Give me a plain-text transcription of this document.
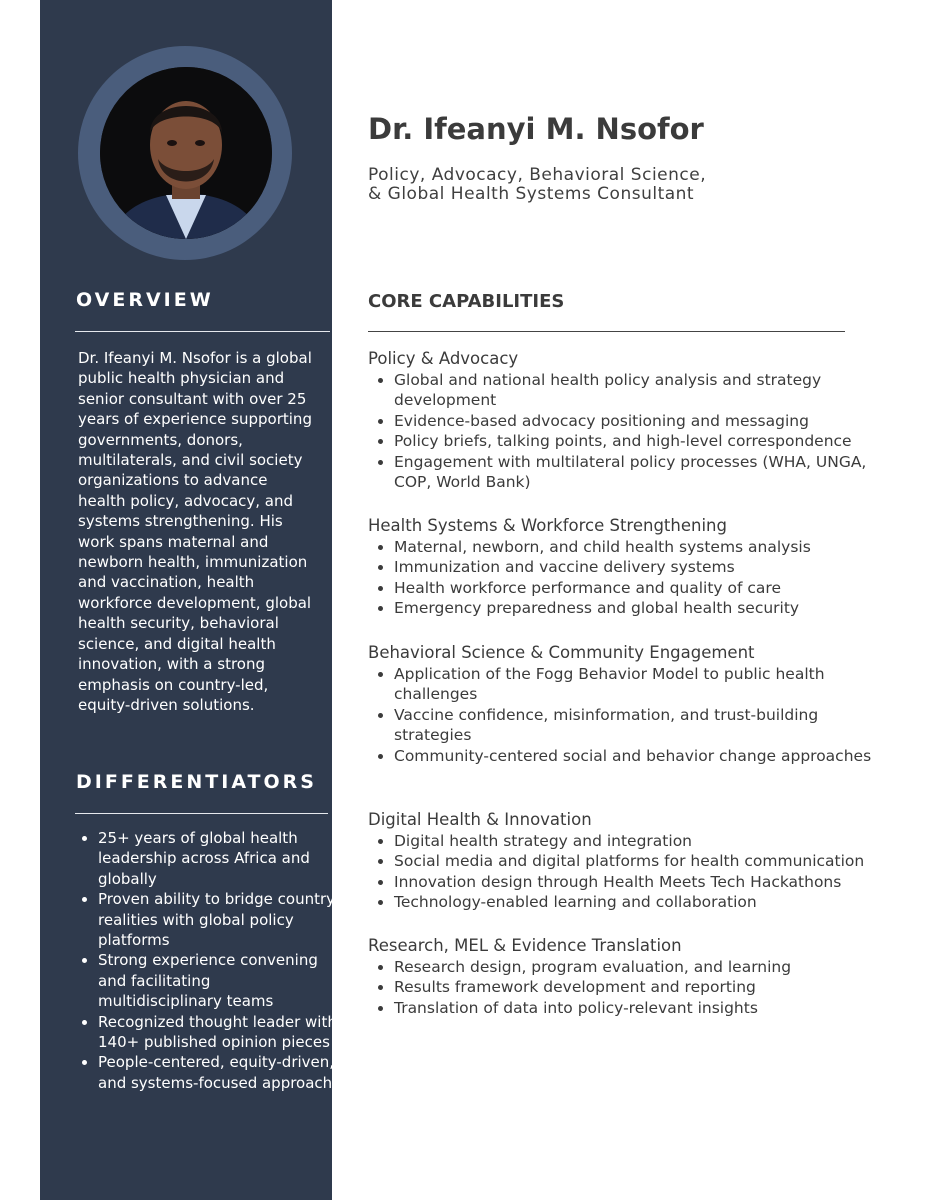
OVERVIEW

Dr. Ifeanyi M. Nsofor is a global public health physician and senior consultant with over 25 years of experience supporting governments, donors, multilaterals, and civil society organizations to advance health policy, advocacy, and systems strengthening. His work spans maternal and newborn health, immunization and vaccination, health workforce development, global health security, behavioral science, and digital health innovation, with a strong emphasis on country-led, equity-driven solutions.

DIFFERENTIATORS
• 25+ years of global health leadership across Africa and globally
• Proven ability to bridge country realities with global policy platforms
• Strong experience convening and facilitating multidisciplinary teams
• Recognized thought leader with 140+ published opinion pieces
• People-centered, equity-driven, and systems-focused approach
Dr. Ifeanyi M. Nsofor

Policy, Advocacy, Behavioral Science,
& Global Health Systems Consultant

CORE CAPABILITIES
Policy & Advocacy
• Global and national health policy analysis and strategy development
• Evidence-based advocacy positioning and messaging
• Policy briefs, talking points, and high-level correspondence
• Engagement with multilateral policy processes (WHA, UNGA, COP, World Bank)
Health Systems & Workforce Strengthening
• Maternal, newborn, and child health systems analysis
• Immunization and vaccine delivery systems
• Health workforce performance and quality of care
• Emergency preparedness and global health security
Behavioral Science & Community Engagement
• Application of the Fogg Behavior Model to public health challenges
• Vaccine confidence, misinformation, and trust-building strategies
• Community-centered social and behavior change approaches
Digital Health & Innovation
• Digital health strategy and integration
• Social media and digital platforms for health communication
• Innovation design through Health Meets Tech Hackathons
• Technology-enabled learning and collaboration
Research, MEL & Evidence Translation
• Research design, program evaluation, and learning
• Results framework development and reporting
• Translation of data into policy-relevant insights
